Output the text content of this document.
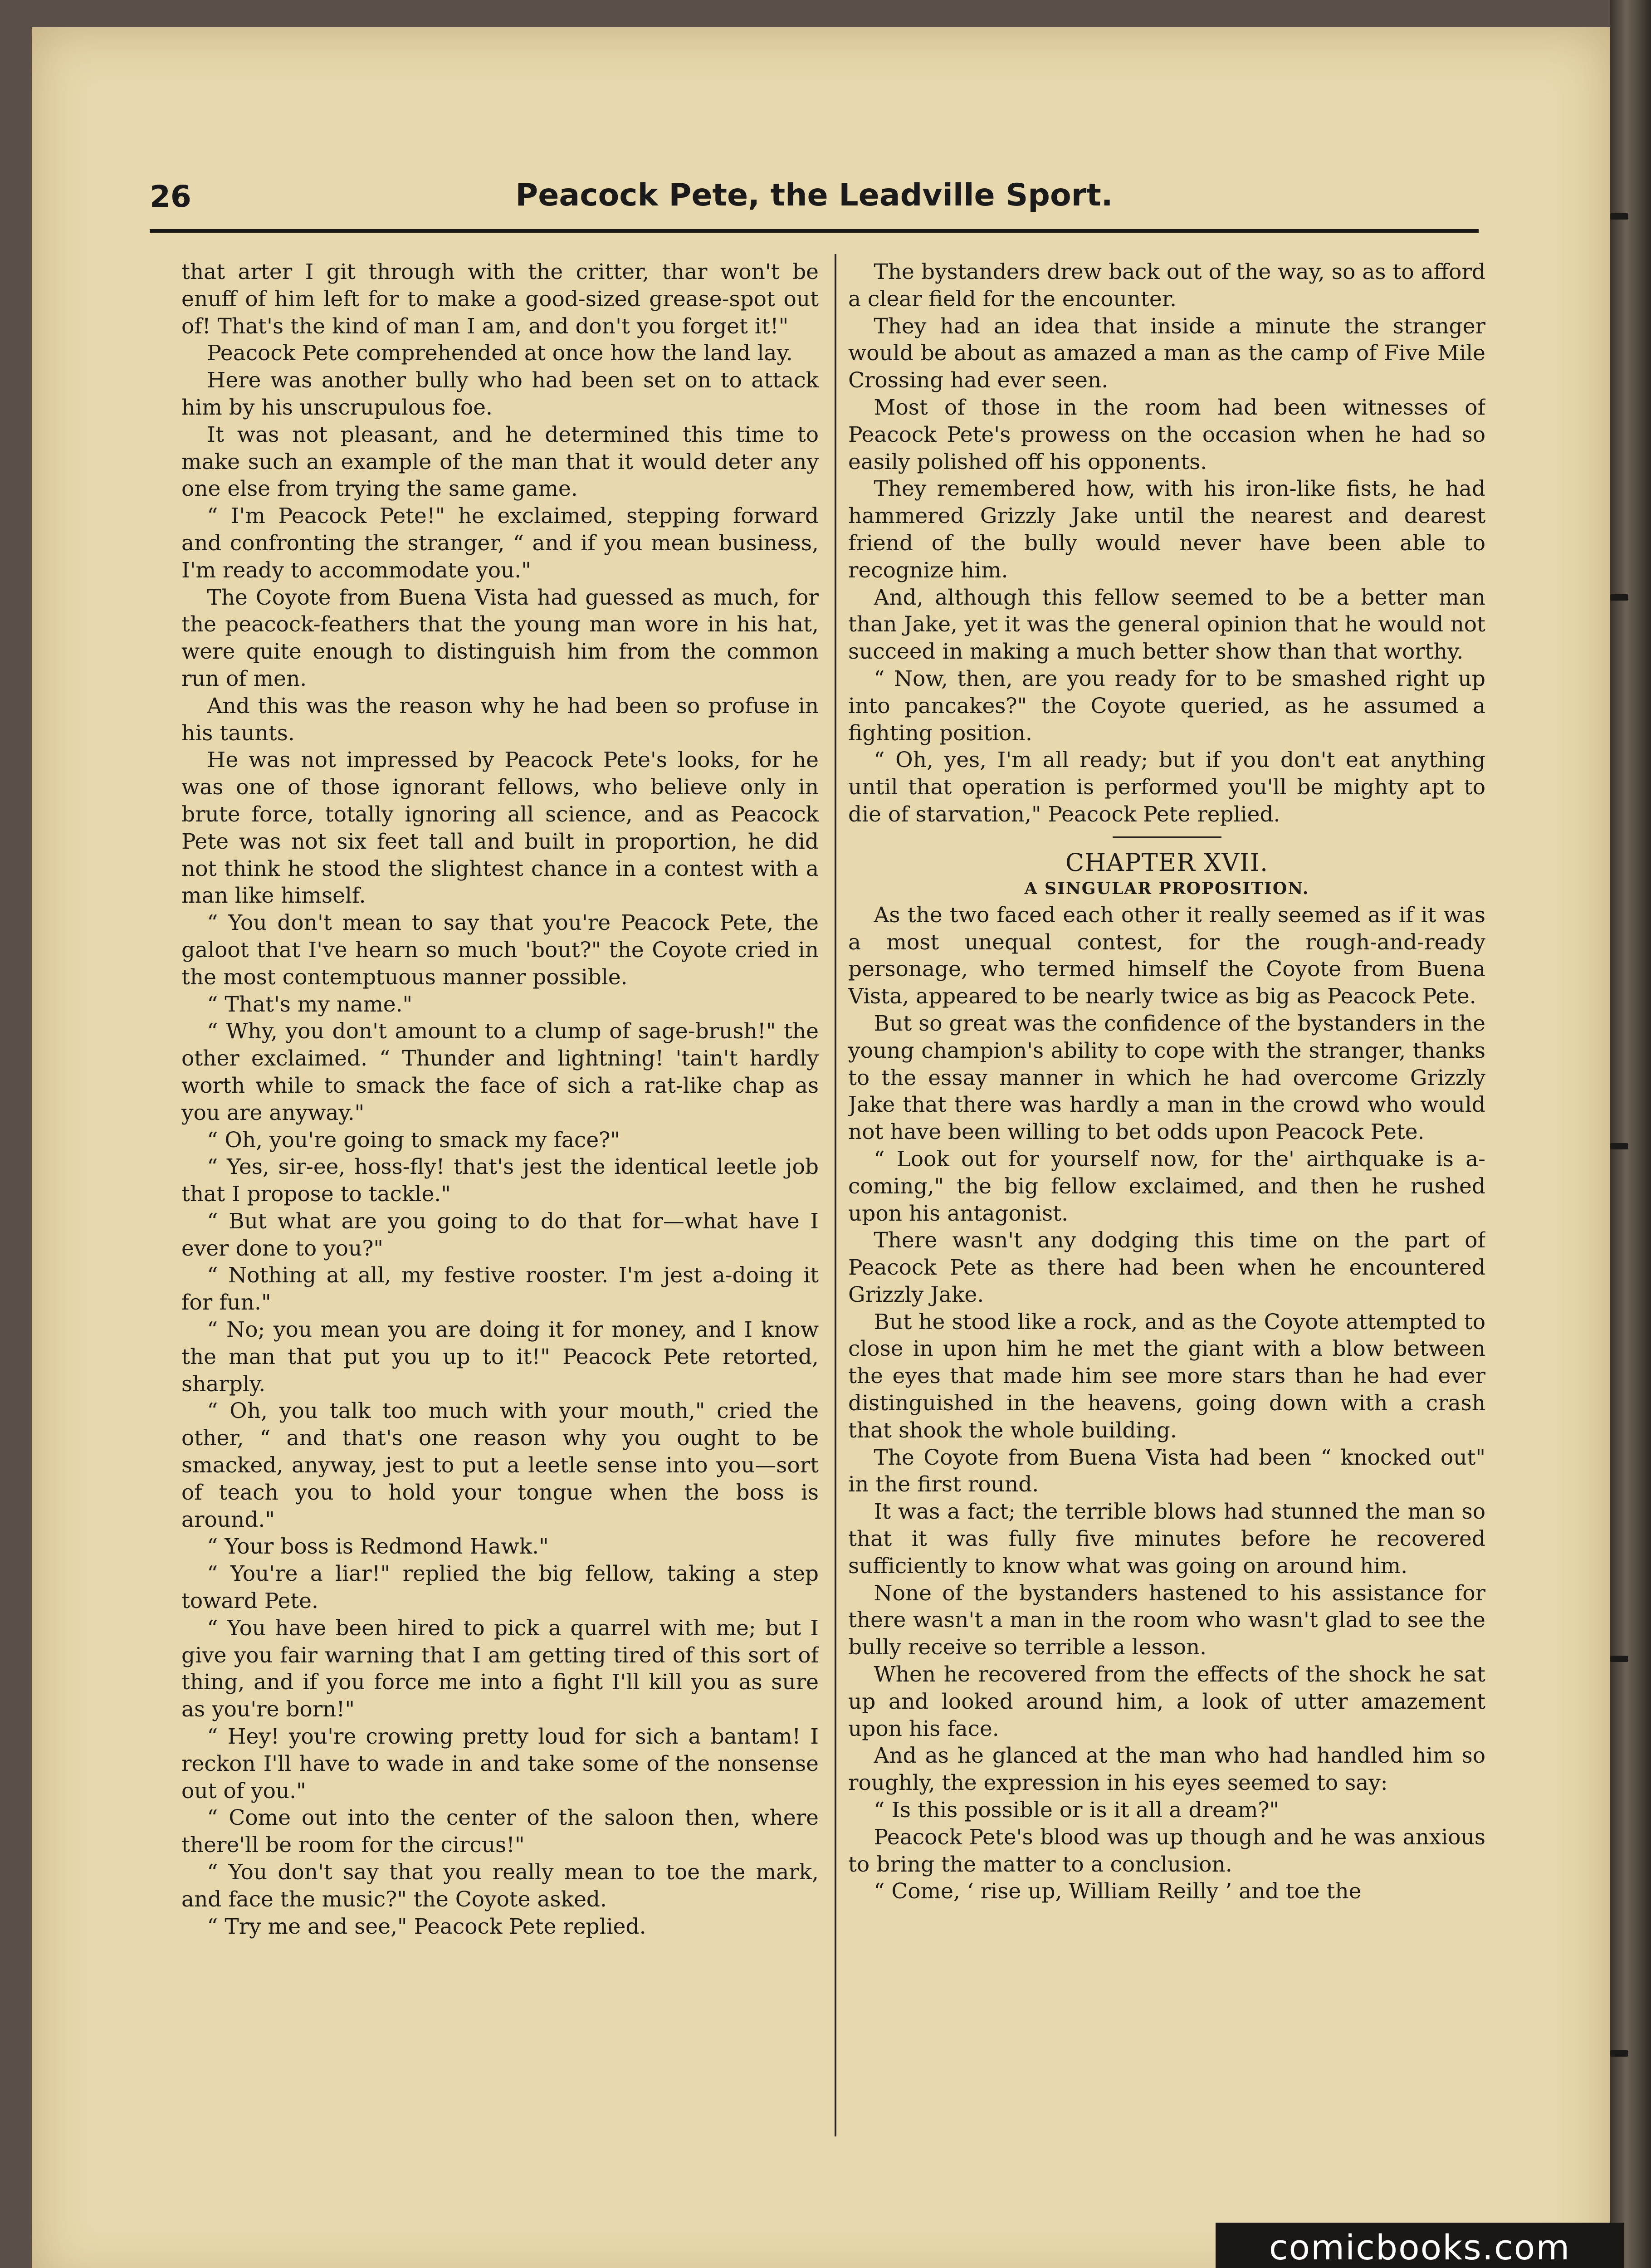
26	Peacock Pete, the Leadville Sport.

that arter I git through with the critter, thar won't be enuff of him left for to make a good-sized grease-spot out of! That's the kind of man I am, and don't you forget it!"

Peacock Pete comprehended at once how the land lay.

Here was another bully who had been set on to attack him by his unscrupulous foe.

It was not pleasant, and he determined this time to make such an example of the man that it would deter any one else from trying the same game.

“ I'm Peacock Pete!" he exclaimed, stepping forward and confronting the stranger, “ and if you mean business, I'm ready to accommodate you."

The Coyote from Buena Vista had guessed as much, for the peacock-feathers that the young man wore in his hat, were quite enough to distinguish him from the common run of men.

And this was the reason why he had been so profuse in his taunts.

He was not impressed by Peacock Pete's looks, for he was one of those ignorant fellows, who believe only in brute force, totally ignoring all science, and as Peacock Pete was not six feet tall and built in proportion, he did not think he stood the slightest chance in a contest with a man like himself.

“ You don't mean to say that you're Peacock Pete, the galoot that I've hearn so much 'bout?" the Coyote cried in the most contemptuous manner possible.

“ That's my name."

“ Why, you don't amount to a clump of sage-brush!" the other exclaimed. “ Thunder and lightning! 'tain't hardly worth while to smack the face of sich a rat-like chap as you are anyway."

“ Oh, you're going to smack my face?"

“ Yes, sir-ee, hoss-fly! that's jest the identical leetle job that I propose to tackle."

“ But what are you going to do that for—what have I ever done to you?"

“ Nothing at all, my festive rooster. I'm jest a-doing it for fun."

“ No; you mean you are doing it for money, and I know the man that put you up to it!" Peacock Pete retorted, sharply.

“ Oh, you talk too much with your mouth," cried the other, “ and that's one reason why you ought to be smacked, anyway, jest to put a leetle sense into you—sort of teach you to hold your tongue when the boss is around."

“ Your boss is Redmond Hawk."

“ You're a liar!" replied the big fellow, taking a step toward Pete.

“ You have been hired to pick a quarrel with me; but I give you fair warning that I am getting tired of this sort of thing, and if you force me into a fight I'll kill you as sure as you're born!"

“ Hey! you're crowing pretty loud for sich a bantam! I reckon I'll have to wade in and take some of the nonsense out of you."

“ Come out into the center of the saloon then, where there'll be room for the circus!"

“ You don't say that you really mean to toe the mark, and face the music?" the Coyote asked.

“ Try me and see," Peacock Pete replied.

The bystanders drew back out of the way, so as to afford a clear field for the encounter.

They had an idea that inside a minute the stranger would be about as amazed a man as the camp of Five Mile Crossing had ever seen.

Most of those in the room had been witnesses of Peacock Pete's prowess on the occasion when he had so easily polished off his opponents.

They remembered how, with his iron-like fists, he had hammered Grizzly Jake until the nearest and dearest friend of the bully would never have been able to recognize him.

And, although this fellow seemed to be a better man than Jake, yet it was the general opinion that he would not succeed in making a much better show than that worthy.

“ Now, then, are you ready for to be smashed right up into pancakes?" the Coyote queried, as he assumed a fighting position.

“ Oh, yes, I'm all ready; but if you don't eat anything until that operation is performed you'll be mighty apt to die of starvation," Peacock Pete replied.

CHAPTER XVII.
A SINGULAR PROPOSITION.

As the two faced each other it really seemed as if it was a most unequal contest, for the rough-and-ready personage, who termed himself the Coyote from Buena Vista, appeared to be nearly twice as big as Peacock Pete.

But so great was the confidence of the bystanders in the young champion's ability to cope with the stranger, thanks to the essay manner in which he had overcome Grizzly Jake that there was hardly a man in the crowd who would not have been willing to bet odds upon Peacock Pete.

“ Look out for yourself now, for the' airthquake is a-coming," the big fellow exclaimed, and then he rushed upon his antagonist.

There wasn't any dodging this time on the part of Peacock Pete as there had been when he encountered Grizzly Jake.

But he stood like a rock, and as the Coyote attempted to close in upon him he met the giant with a blow between the eyes that made him see more stars than he had ever distinguished in the heavens, going down with a crash that shook the whole building.

The Coyote from Buena Vista had been “ knocked out" in the first round.

It was a fact; the terrible blows had stunned the man so that it was fully five minutes before he recovered sufficiently to know what was going on around him.

None of the bystanders hastened to his assistance for there wasn't a man in the room who wasn't glad to see the bully receive so terrible a lesson.

When he recovered from the effects of the shock he sat up and looked around him, a look of utter amazement upon his face.

And as he glanced at the man who had handled him so roughly, the expression in his eyes seemed to say:

“ Is this possible or is it all a dream?"

Peacock Pete's blood was up though and he was anxious to bring the matter to a conclusion.

“ Come, ‘ rise up, William Reilly ’ and toe the

comicbooks.com
